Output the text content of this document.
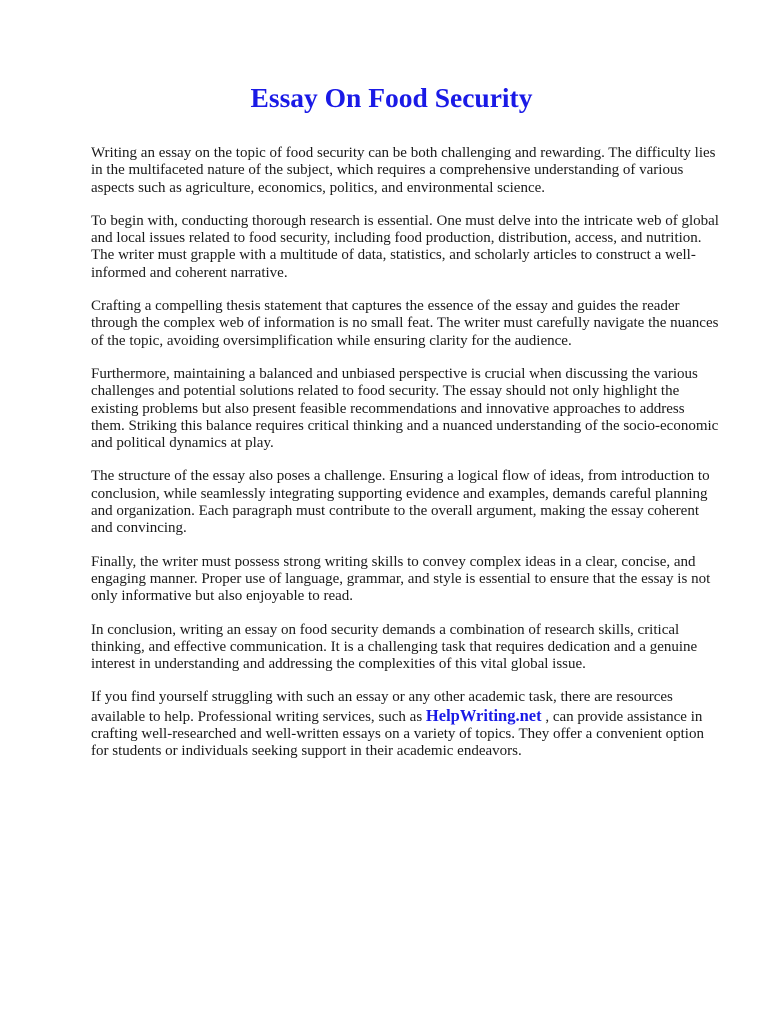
Essay On Food Security

Writing an essay on the topic of food security can be both challenging and rewarding. The difficulty lies in the multifaceted nature of the subject, which requires a comprehensive understanding of various aspects such as agriculture, economics, politics, and environmental science.

To begin with, conducting thorough research is essential. One must delve into the intricate web of global and local issues related to food security, including food production, distribution, access, and nutrition. The writer must grapple with a multitude of data, statistics, and scholarly articles to construct a well-informed and coherent narrative.

Crafting a compelling thesis statement that captures the essence of the essay and guides the reader through the complex web of information is no small feat. The writer must carefully navigate the nuances of the topic, avoiding oversimplification while ensuring clarity for the audience.

Furthermore, maintaining a balanced and unbiased perspective is crucial when discussing the various challenges and potential solutions related to food security. The essay should not only highlight the existing problems but also present feasible recommendations and innovative approaches to address them. Striking this balance requires critical thinking and a nuanced understanding of the socio-economic and political dynamics at play.

The structure of the essay also poses a challenge. Ensuring a logical flow of ideas, from introduction to conclusion, while seamlessly integrating supporting evidence and examples, demands careful planning and organization. Each paragraph must contribute to the overall argument, making the essay coherent and convincing.

Finally, the writer must possess strong writing skills to convey complex ideas in a clear, concise, and engaging manner. Proper use of language, grammar, and style is essential to ensure that the essay is not only informative but also enjoyable to read.

In conclusion, writing an essay on food security demands a combination of research skills, critical thinking, and effective communication. It is a challenging task that requires dedication and a genuine interest in understanding and addressing the complexities of this vital global issue.

If you find yourself struggling with such an essay or any other academic task, there are resources available to help. Professional writing services, such as HelpWriting.net , can provide assistance in crafting well-researched and well-written essays on a variety of topics. They offer a convenient option for students or individuals seeking support in their academic endeavors.
